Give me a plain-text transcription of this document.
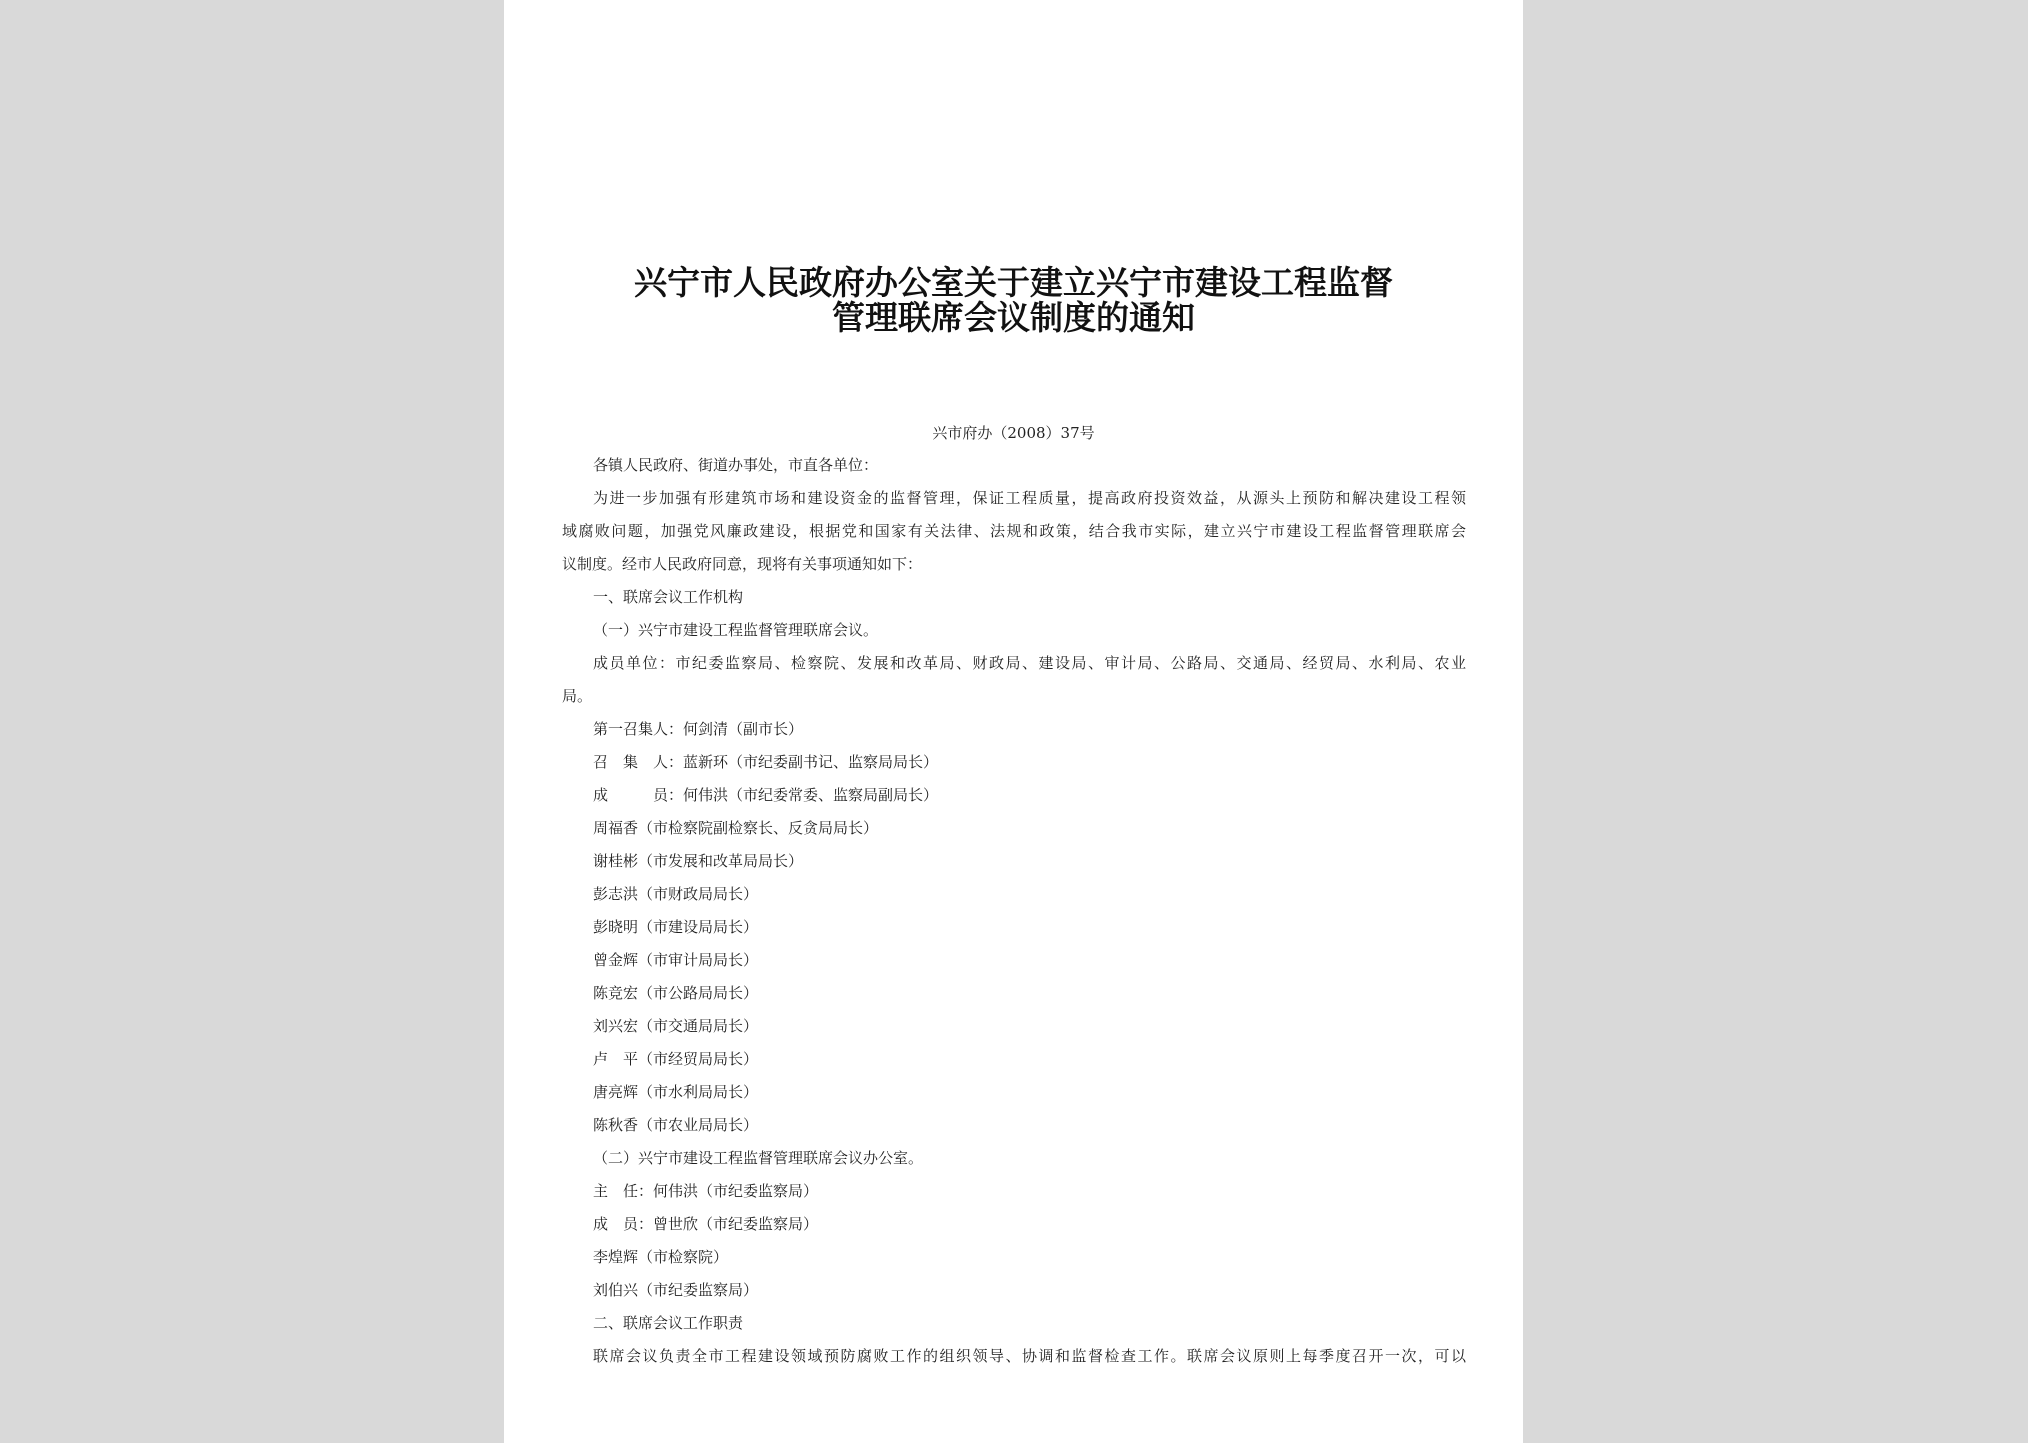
兴宁市人民政府办公室关于建立兴宁市建设工程监督
管理联席会议制度的通知
兴市府办（2008）37号
各镇人民政府、街道办事处，市直各单位：
为进一步加强有形建筑市场和建设资金的监督管理，保证工程质量，提高政府投资效益，从源头上预防和解决建设工程领
域腐败问题，加强党风廉政建设，根据党和国家有关法律、法规和政策，结合我市实际，建立兴宁市建设工程监督管理联席会
议制度。经市人民政府同意，现将有关事项通知如下：
一、联席会议工作机构
（一）兴宁市建设工程监督管理联席会议。
成员单位：市纪委监察局、检察院、发展和改革局、财政局、建设局、审计局、公路局、交通局、经贸局、水利局、农业
局。
第一召集人：何剑清（副市长）
召　集　人：蓝新环（市纪委副书记、监察局局长）
成　　　员：何伟洪（市纪委常委、监察局副局长）
周福香（市检察院副检察长、反贪局局长）
谢桂彬（市发展和改革局局长）
彭志洪（市财政局局长）
彭晓明（市建设局局长）
曾金辉（市审计局局长）
陈竞宏（市公路局局长）
刘兴宏（市交通局局长）
卢　平（市经贸局局长）
唐亮辉（市水利局局长）
陈秋香（市农业局局长）
（二）兴宁市建设工程监督管理联席会议办公室。
主　任：何伟洪（市纪委监察局）
成　员：曾世欣（市纪委监察局）
李煌辉（市检察院）
刘伯兴（市纪委监察局）
二、联席会议工作职责
联席会议负责全市工程建设领域预防腐败工作的组织领导、协调和监督检查工作。联席会议原则上每季度召开一次，可以
